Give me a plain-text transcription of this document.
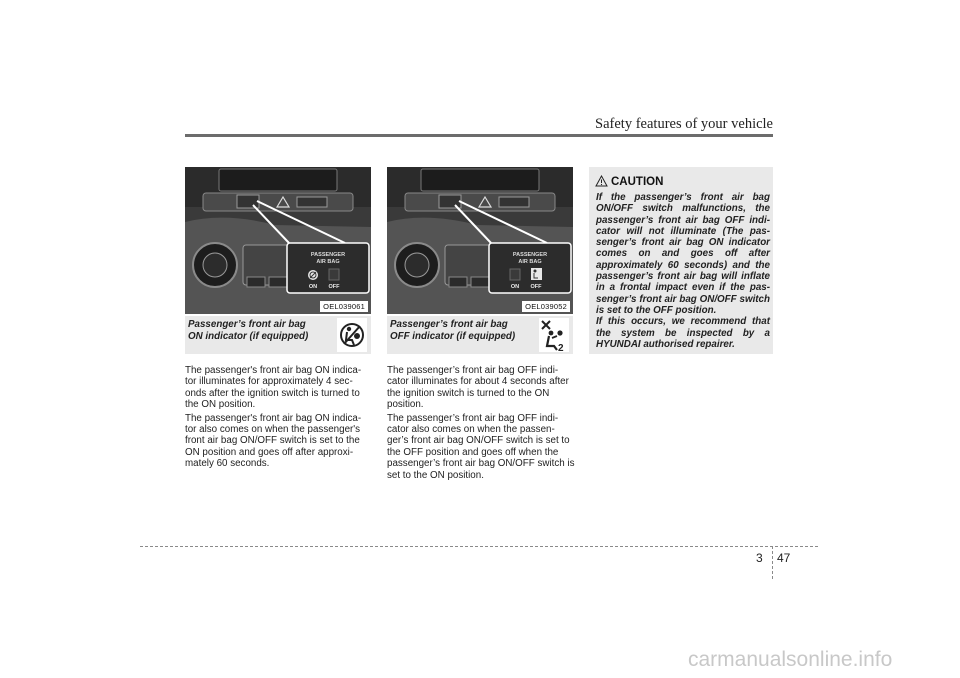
Safety features of your vehicle
PASSENGER
AIR BAG
ON OFF
OEL039061
Passenger’s front air bag
ON indicator (if equipped)

The passenger's front air bag ON indica- tor illuminates for approximately 4 sec- onds after the ignition switch is turned to the ON position.

The passenger's front air bag ON indica- tor also comes on when the passenger's front air bag ON/OFF switch is set to the ON position and goes off after approxi- mately 60 seconds.

PASSENGER
AIR BAG
ON OFF
OEL039052
Passenger’s front air bag
OFF indicator (if equipped)
2

The passenger’s front air bag OFF indi- cator illuminates for about 4 seconds after the ignition switch is turned to the ON position.

The passenger’s front air bag OFF indi- cator also comes on when the passen- ger’s front air bag ON/OFF switch is set to the OFF position and goes off when the passenger’s front air bag ON/OFF switch is set to the ON position.

CAUTION

If the passenger’s front air bag ON/OFF switch malfunctions, the passenger’s front air bag OFF indi- cator will not illuminate (The pas- senger’s front air bag ON indicator comes on and goes off after approximately 60 seconds) and the passenger’s front air bag will inflate in a frontal impact even if the pas- senger’s front air bag ON/OFF switch is set to the OFF position.

If this occurs, we recommend that the system be inspected by a HYUNDAI authorised repairer.

3 47
carmanualsonline.info
